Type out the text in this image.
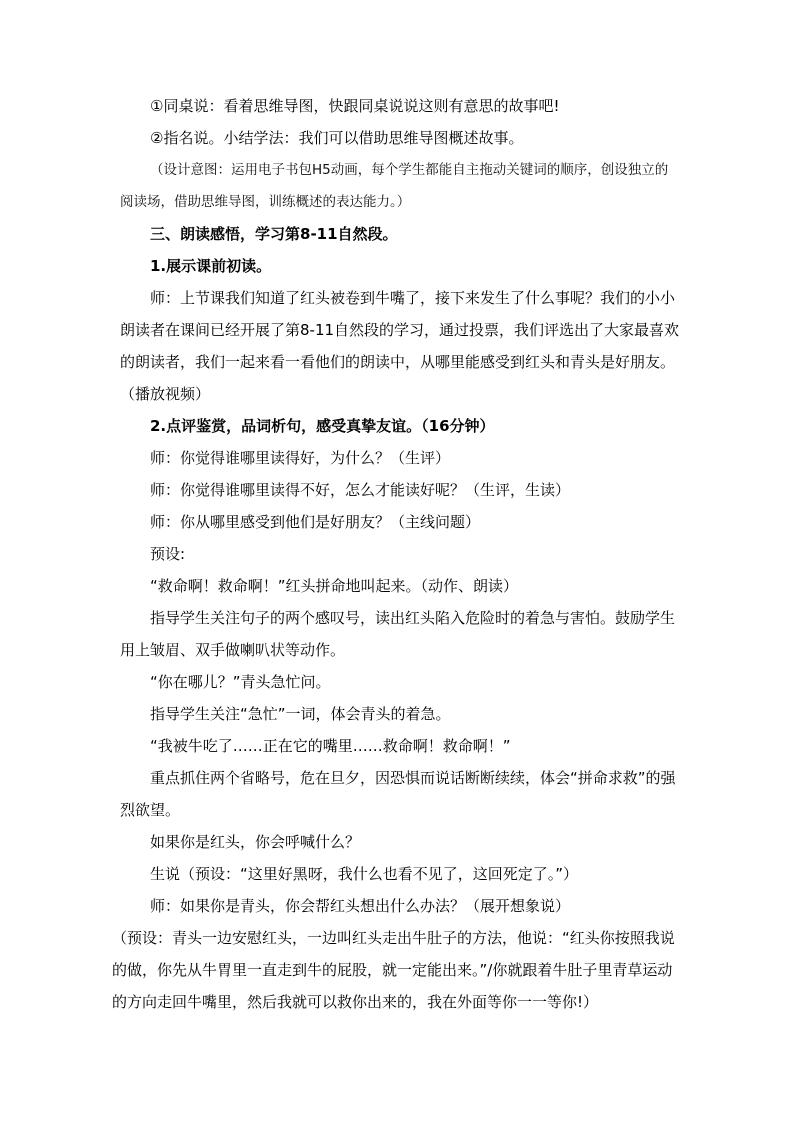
①同桌说：看着思维导图，快跟同桌说说这则有意思的故事吧!

②指名说。小结学法：我们可以借助思维导图概述故事。

（设计意图：运用电子书包H5动画，每个学生都能自主拖动关键词的顺序，创设独立的阅读场，借助思维导图，训练概述的表达能力。）

三、朗读感悟，学习第8-11自然段。

1.展示课前初读。

师：上节课我们知道了红头被卷到牛嘴了，接下来发生了什么事呢？我们的小小朗读者在课间已经开展了第8-11自然段的学习，通过投票，我们评选出了大家最喜欢的朗读者，我们一起来看一看他们的朗读中，从哪里能感受到红头和青头是好朋友。（播放视频）

2.点评鉴赏，品词析句，感受真挚友谊。（16分钟）

师：你觉得谁哪里读得好，为什么？（生评）

师：你觉得谁哪里读得不好，怎么才能读好呢？（生评，生读）

师：你从哪里感受到他们是好朋友？（主线问题）

预设:

“救命啊！救命啊！”红头拼命地叫起来。（动作、朗读）

指导学生关注句子的两个感叹号，读出红头陷入危险时的着急与害怕。鼓励学生用上皱眉、双手做喇叭状等动作。

“你在哪儿？”青头急忙问。

指导学生关注“急忙”一词，体会青头的着急。

“我被牛吃了……正在它的嘴里……救命啊！救命啊！”

重点抓住两个省略号，危在旦夕，因恐惧而说话断断续续，体会“拼命求救”的强烈欲望。

如果你是红头，你会呼喊什么？

生说（预设：“这里好黑呀，我什么也看不见了，这回死定了。”）

师：如果你是青头，你会帮红头想出什么办法？（展开想象说）

（预设：青头一边安慰红头，一边叫红头走出牛肚子的方法，他说：“红头你按照我说的做，你先从牛胃里一直走到牛的屁股，就一定能出来。”/你就跟着牛肚子里青草运动的方向走回牛嘴里，然后我就可以救你出来的，我在外面等你一一等你!）
